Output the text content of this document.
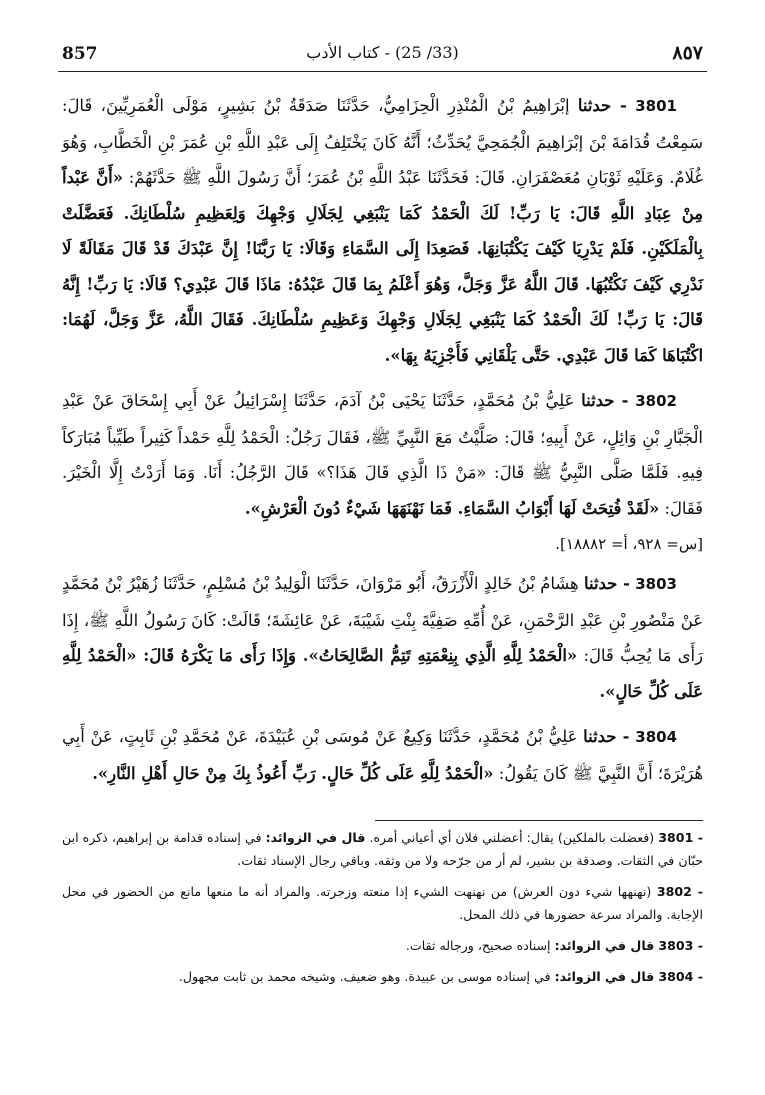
857	(33/ 25) - كتاب الأدب	٨٥٧

3801 - حدثنا إبْرَاهِيمُ بْنُ الْمُنْذِرِ الْحِزَامِيُّ، حَدَّثَنَا صَدَقَةُ بْنُ بَشِيرٍ، مَوْلَى الْعُمَرِيِّينَ، قَالَ: سَمِعْتُ قُدَامَةَ بْنَ إبْرَاهِيمَ الْجُمَحِيَّ يُحَدِّثُ؛ أَنَّهُ كَانَ يَخْتَلِفُ إِلَى عَبْدِ اللَّهِ بْنِ عُمَرَ بْنِ الْخَطَّابِ، وَهُوَ غُلَامٌ. وَعَلَيْهِ ثَوْبَانِ مُعَصْفَرَانِ. قَالَ: فَحَدَّثَنَا عَبْدُ اللَّهِ بْنُ عُمَرَ؛ أَنَّ رَسُولَ اللَّهِ ﷺ حَدَّثَهُمْ: «أَنَّ عَبْداً مِنْ عِبَادِ اللَّهِ قَالَ: يَا رَبِّ! لَكَ الْحَمْدُ كَمَا يَنْبَغِي لِجَلَالِ وَجْهِكَ وَلِعَظِيمِ سُلْطَانِكَ. فَعَضَّلَتْ بِالْمَلَكَيْنِ. فَلَمْ يَدْرِيَا كَيْفَ يَكْتُبَانِهَا. فَصَعِدَا إِلَى السَّمَاءِ وَقَالَا: يَا رَبَّنَا! إِنَّ عَبْدَكَ قَدْ قَالَ مَقَالَةً لَا نَدْرِي كَيْفَ نَكْتُبُهَا. قَالَ اللَّهُ عَزَّ وَجَلَّ، وَهُوَ أَعْلَمُ بِمَا قَالَ عَبْدُهُ: مَاذَا قَالَ عَبْدِي؟ قَالَا: يَا رَبِّ! إِنَّهُ قَالَ: يَا رَبِّ! لَكَ الْحَمْدُ كَمَا يَنْبَغِي لِجَلَالِ وَجْهِكَ وَعَظِيمِ سُلْطَانِكَ. فَقَالَ اللَّهُ، عَزَّ وَجَلَّ، لَهُمَا: اكْتُبَاهَا كَمَا قَالَ عَبْدِي. حَتَّى يَلْقَانِي فَأَجْزِيَهُ بِهَا».

3802 - حدثنا عَلِيُّ بْنُ مُحَمَّدٍ، حَدَّثَنَا يَحْيَى بْنُ آدَمَ، حَدَّثَنَا إِسْرَائِيلُ عَنْ أَبِي إِسْحَاقَ عَنْ عَبْدِ الْجَبَّارِ بْنِ وَائِلٍ، عَنْ أَبِيهِ؛ قَالَ: صَلَّيْتُ مَعَ النَّبِيِّ ﷺ، فَقَالَ رَجُلٌ: الْحَمْدُ لِلَّهِ حَمْداً كَثِيراً طَيِّباً مُبَارَكاً فِيهِ. فَلَمَّا صَلَّى النَّبِيُّ ﷺ قَالَ: «مَنْ ذَا الَّذِي قَالَ هَذَا؟» قَالَ الرَّجُلُ: أَنَا. وَمَا أَرَدْتُ إِلَّا الْخَيْرَ. فَقَالَ: «لَقَدْ فُتِحَتْ لَهَا أَبْوَابُ السَّمَاءِ. فَمَا نَهْنَهَهَا شَيْءٌ دُونَ الْعَرْشِ».

[س= ٩٢٨، أ= ١٨٨٨٢].

3803 - حدثنا هِشَامُ بْنُ خَالِدٍ الْأَزْرَقُ، أَبُو مَرْوَانَ، حَدَّثَنَا الْوَلِيدُ بْنُ مُسْلِمٍ، حَدَّثَنَا زُهَيْرُ بْنُ مُحَمَّدٍ عَنْ مَنْصُورِ بْنِ عَبْدِ الرَّحْمَنِ، عَنْ أُمِّهِ صَفِيَّةَ بِنْتِ شَيْبَةَ، عَنْ عَائِشَةَ؛ قَالَتْ: كَانَ رَسُولُ اللَّهِ ﷺ، إِذَا رَأَى مَا يُحِبُّ قَالَ: «الْحَمْدُ لِلَّهِ الَّذِي بِنِعْمَتِهِ تَتِمُّ الصَّالِحَاتُ». وَإِذَا رَأَى مَا يَكْرَهُ قَالَ: «الْحَمْدُ لِلَّهِ عَلَى كُلِّ حَالٍ».

3804 - حدثنا عَلِيُّ بْنُ مُحَمَّدٍ، حَدَّثَنَا وَكِيعٌ عَنْ مُوسَى بْنِ عُبَيْدَةَ، عَنْ مُحَمَّدِ بْنِ ثَابِتٍ، عَنْ أَبِي هُرَيْرَةَ؛ أَنَّ النَّبِيَّ ﷺ كَانَ يَقُولُ: «الْحَمْدُ لِلَّهِ عَلَى كُلِّ حَالٍ. رَبِّ أَعُوذُ بِكَ مِنْ حَالِ أَهْلِ النَّارِ».

3801 - (فعضلت بالملكين) يقال: أعضلني فلان أي أعياني أمره. قال في الزوائد: في إسناده قدامة بن إبراهيم، ذكره ابن حبّان في الثقات. وصدقة بن بشير، لم أر من جرّحه ولا من وثقه. وباقي رجال الإسناد ثقات.

3802 - (نهنهها شيء دون العرش) من نهنهت الشيء إذا منعته وزجرته. والمراد أنه ما منعها مانع من الحضور في محل الإجابة. والمراد سرعة حضورها في ذلك المحل.

3803 - قال في الزوائد: إسناده صحيح، ورجاله ثقات.

3804 - قال في الزوائد: في إسناده موسى بن عبيدة. وهو ضعيف. وشيخه محمد بن ثابت مجهول.
